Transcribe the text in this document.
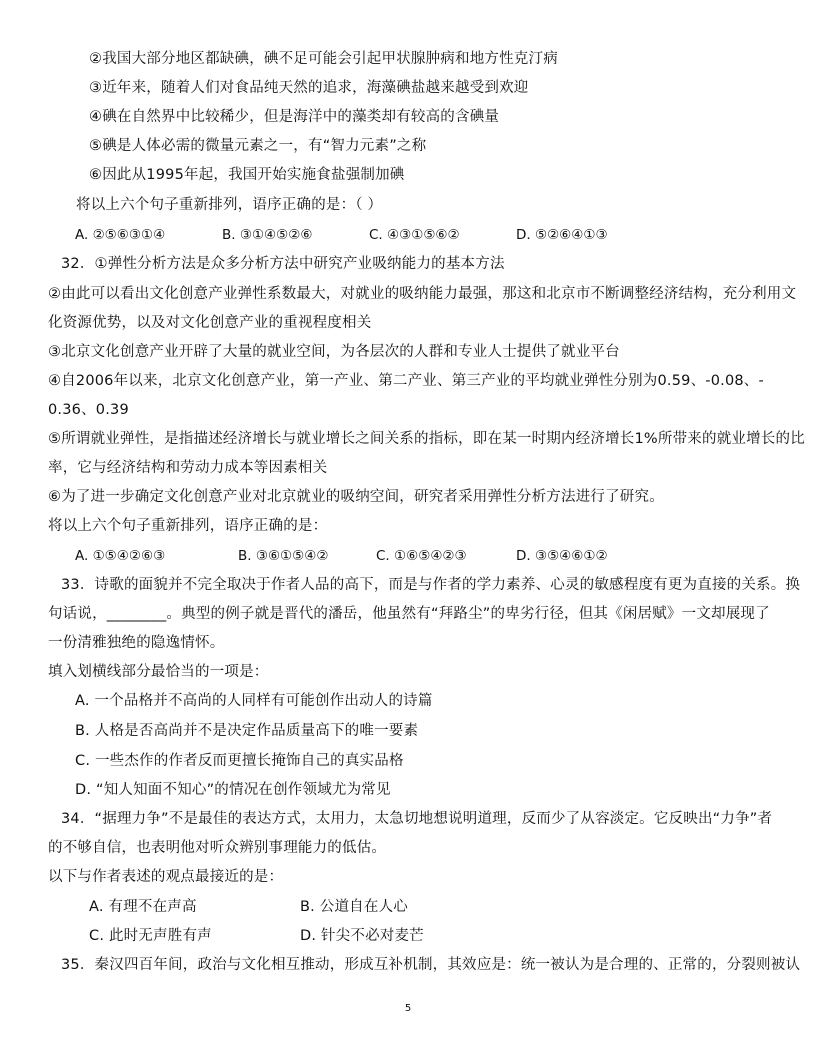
②我国大部分地区都缺碘，碘不足可能会引起甲状腺肿病和地方性克汀病
③近年来，随着人们对食品纯天然的追求，海藻碘盐越来越受到欢迎
④碘在自然界中比较稀少，但是海洋中的藻类却有较高的含碘量
⑤碘是人体必需的微量元素之一，有“智力元素”之称
⑥因此从1995年起，我国开始实施食盐强制加碘
将以上六个句子重新排列，语序正确的是：（ ）
A. ②⑤⑥③①④	B. ③①④⑤②⑥	C. ④③①⑤⑥②	D. ⑤②⑥④①③
32．①弹性分析方法是众多分析方法中研究产业吸纳能力的基本方法
②由此可以看出文化创意产业弹性系数最大，对就业的吸纳能力最强，那这和北京市不断调整经济结构，充分利用文
化资源优势，以及对文化创意产业的重视程度相关
③北京文化创意产业开辟了大量的就业空间，为各层次的人群和专业人士提供了就业平台
④自2006年以来，北京文化创意产业，第一产业、第二产业、第三产业的平均就业弹性分别为0.59、-0.08、-
0.36、0.39
⑤所谓就业弹性，是指描述经济增长与就业增长之间关系的指标，即在某一时期内经济增长1%所带来的就业增长的比
率，它与经济结构和劳动力成本等因素相关
⑥为了进一步确定文化创意产业对北京就业的吸纳空间，研究者采用弹性分析方法进行了研究。
将以上六个句子重新排列，语序正确的是：
A. ①⑤④②⑥③	B. ③⑥①⑤④②	C. ①⑥⑤④②③	D. ③⑤④⑥①②
33．诗歌的面貌并不完全取决于作者人品的高下，而是与作者的学力素养、心灵的敏感程度有更为直接的关系。换
句话说，________。典型的例子就是晋代的潘岳，他虽然有“拜路尘”的卑劣行径，但其《闲居赋》一文却展现了
一份清雅独绝的隐逸情怀。
填入划横线部分最恰当的一项是：
A. 一个品格并不高尚的人同样有可能创作出动人的诗篇
B. 人格是否高尚并不是决定作品质量高下的唯一要素
C. 一些杰作的作者反而更擅长掩饰自己的真实品格
D. “知人知面不知心”的情况在创作领域尤为常见
34．“据理力争”不是最佳的表达方式，太用力，太急切地想说明道理，反而少了从容淡定。它反映出“力争”者
的不够自信，也表明他对听众辨别事理能力的低估。
以下与作者表述的观点最接近的是：
A. 有理不在声高	B. 公道自在人心
C. 此时无声胜有声	D. 针尖不必对麦芒
35．秦汉四百年间，政治与文化相互推动，形成互补机制，其效应是：统一被认为是合理的、正常的，分裂则被认
5
